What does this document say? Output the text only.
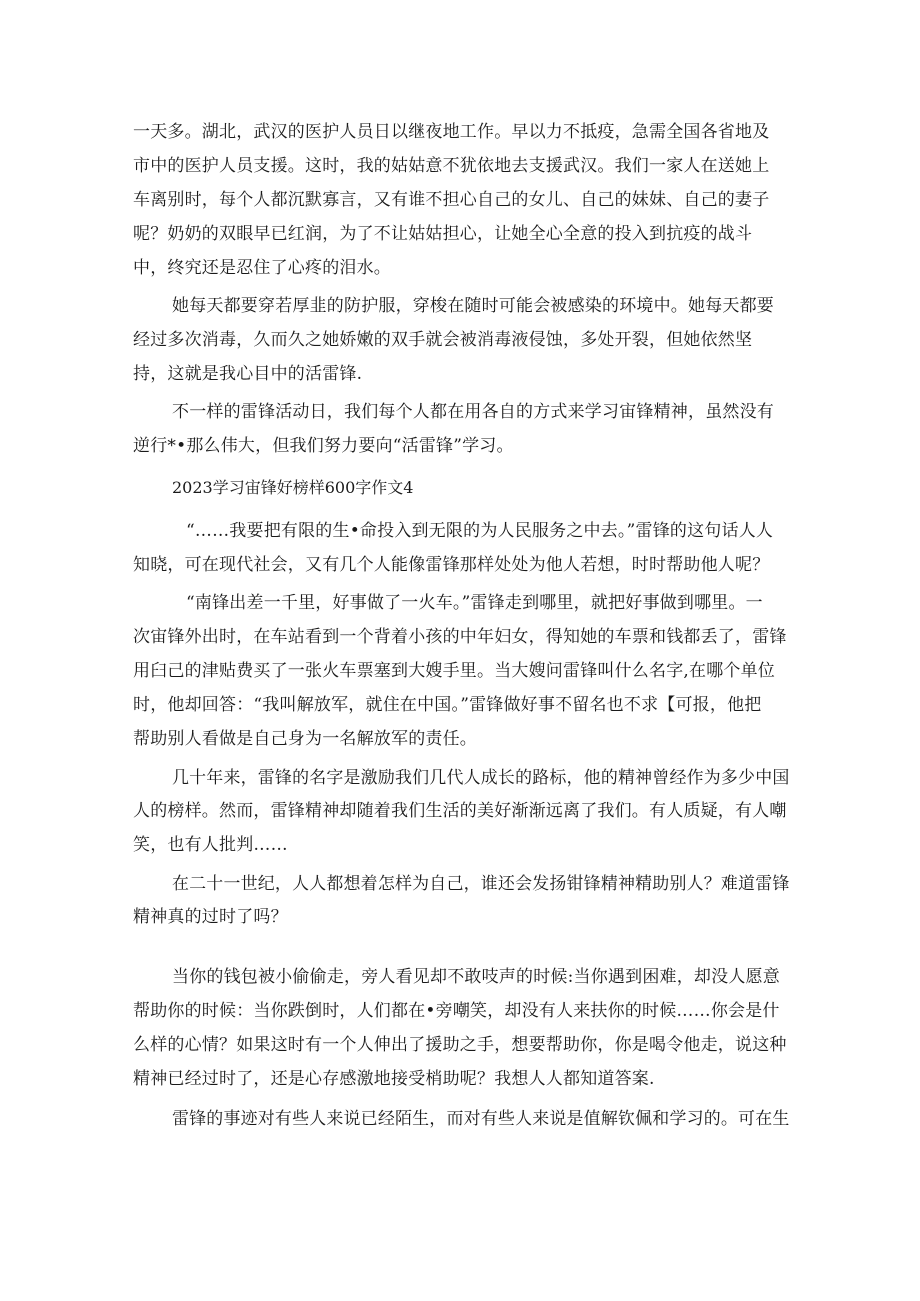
一天多。湖北，武汉的医护人员日以继夜地工作。早以力不抵疫，急需全国各省地及
市中的医护人员支援。这时，我的姑姑意不犹依地去支援武汉。我们一家人在送她上
车离别时，每个人都沉默寡言，又有谁不担心自己的女儿、自己的妹妹、自己的妻子
呢？奶奶的双眼早已红润，为了不让姑姑担心，让她全心全意的投入到抗疫的战斗
中，终究还是忍住了心疼的泪水。
她每天都要穿若厚韭的防护服，穿梭在随时可能会被感染的环境中。她每天都要
经过多次消毒，久而久之她娇嫩的双手就会被消毒液侵蚀，多处开裂，但她依然坚
持，这就是我心目中的活雷锋.
不一样的雷锋活动日，我们每个人都在用各自的方式来学习宙锋精神，虽然没有
逆行*•那么伟大，但我们努力要向“活雷锋”学习。
2023学习宙锋好榜样600字作文4
“……我要把有限的生•命投入到无限的为人民服务之中去。”雷锋的这句话人人
知晓，可在现代社会，又有几个人能像雷锋那样处处为他人若想，时时帮助他人呢？
“南锋出差一千里，好事做了一火车。”雷锋走到哪里，就把好事做到哪里。一
次宙锋外出时，在车站看到一个背着小孩的中年妇女，得知她的车票和钱都丢了，雷锋
用臼己的津贴费买了一张火车票塞到大嫂手里。当大嫂问雷锋叫什么名字,在哪个单位
时，他却回答：“我叫解放军，就住在中国。”雷锋做好事不留名也不求【可报，他把
帮助别人看做是自己身为一名解放军的责任。
几十年来，雷锋的名字是激励我们几代人成长的路标，他的精神曾经作为多少中国
人的榜样。然而，雷锋精神却随着我们生活的美好渐渐远离了我们。有人质疑，有人嘲
笑，也有人批判……
在二十一世纪，人人都想着怎样为自己，谁还会发扬钳锋精神精助别人？难道雷锋
精神真的过时了吗？
当你的钱包被小偷偷走，旁人看见却不敢吱声的时候:当你遇到困难，却没人愿意
帮助你的时候：当你跌倒时，人们都在•旁嘲笑，却没有人来扶你的时候……你会是什
么样的心情？如果这时有一个人伸出了援助之手，想要帮助你，你是喝令他走，说这种
精神已经过时了，还是心存感激地接受梢助呢？我想人人都知道答案.
雷锋的事迹对有些人来说已经陌生，而对有些人来说是值解钦佩和学习的。可在生
